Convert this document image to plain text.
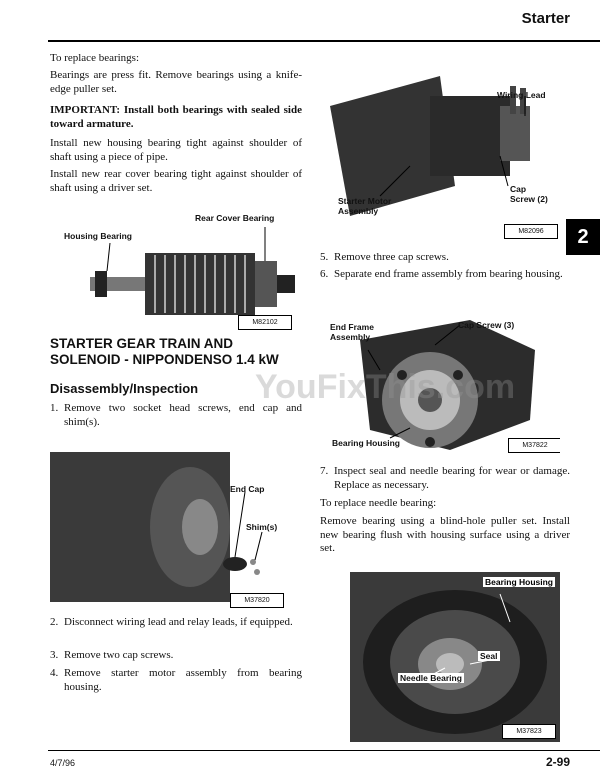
Starter
2
To replace bearings:
Bearings are press fit. Remove bearings using a knife-edge puller set.
IMPORTANT: Install both bearings with sealed side toward armature.
Install new housing bearing tight against shoulder of shaft using a piece of pipe.
Install new rear cover bearing tight against shoulder of shaft using a driver set.
Rear Cover Bearing
Housing Bearing
M82102
STARTER GEAR TRAIN AND SOLENOID - NIPPONDENSO 1.4 kW
Disassembly/Inspection
1. Remove two socket head screws, end cap and shim(s).
End Cap
Shim(s)
M37820
2. Disconnect wiring lead and relay leads, if equipped.
3. Remove two cap screws.
4. Remove starter motor assembly from bearing housing.
Wiring Lead
Cap Screw (2)
Starter Motor Assembly
M82096
5. Remove three cap screws.
6. Separate end frame assembly from bearing housing.
Cap Screw (3)
End Frame Assembly
Bearing Housing	M37822
7. Inspect seal and needle bearing for wear or damage. Replace as necessary.
To replace needle bearing:
Remove bearing using a blind-hole puller set. Install new bearing flush with housing surface using a driver set.
Bearing Housing
Seal
Needle Bearing
M37823
YouFixThis.com
4/7/96	2-99
